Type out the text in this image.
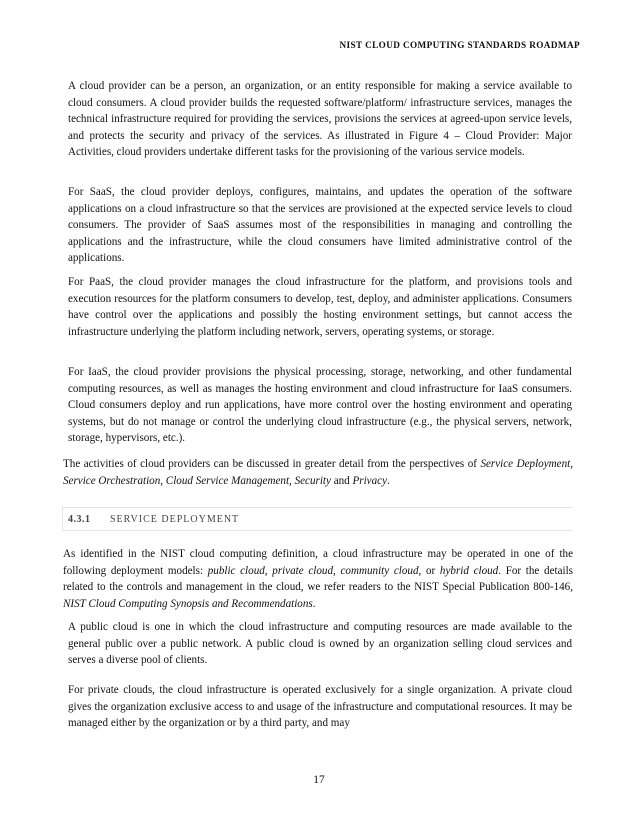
NIST CLOUD COMPUTING STANDARDS ROADMAP
A cloud provider can be a person, an organization, or an entity responsible for making a service available to cloud consumers. A cloud provider builds the requested software/platform/ infrastructure services, manages the technical infrastructure required for providing the services, provisions the services at agreed-upon service levels, and protects the security and privacy of the services. As illustrated in Figure 4 – Cloud Provider: Major Activities, cloud providers undertake different tasks for the provisioning of the various service models.
For SaaS, the cloud provider deploys, configures, maintains, and updates the operation of the software applications on a cloud infrastructure so that the services are provisioned at the expected service levels to cloud consumers. The provider of SaaS assumes most of the responsibilities in managing and controlling the applications and the infrastructure, while the cloud consumers have limited administrative control of the applications.
For PaaS, the cloud provider manages the cloud infrastructure for the platform, and provisions tools and execution resources for the platform consumers to develop, test, deploy, and administer applications. Consumers have control over the applications and possibly the hosting environment settings, but cannot access the infrastructure underlying the platform including network, servers, operating systems, or storage.
For IaaS, the cloud provider provisions the physical processing, storage, networking, and other fundamental computing resources, as well as manages the hosting environment and cloud infrastructure for IaaS consumers. Cloud consumers deploy and run applications, have more control over the hosting environment and operating systems, but do not manage or control the underlying cloud infrastructure (e.g., the physical servers, network, storage, hypervisors, etc.).
The activities of cloud providers can be discussed in greater detail from the perspectives of Service Deployment, Service Orchestration, Cloud Service Management, Security and Privacy.
4.3.1 SERVICE DEPLOYMENT
As identified in the NIST cloud computing definition, a cloud infrastructure may be operated in one of the following deployment models: public cloud, private cloud, community cloud, or hybrid cloud. For the details related to the controls and management in the cloud, we refer readers to the NIST Special Publication 800-146, NIST Cloud Computing Synopsis and Recommendations.
A public cloud is one in which the cloud infrastructure and computing resources are made available to the general public over a public network. A public cloud is owned by an organization selling cloud services and serves a diverse pool of clients.
For private clouds, the cloud infrastructure is operated exclusively for a single organization. A private cloud gives the organization exclusive access to and usage of the infrastructure and computational resources. It may be managed either by the organization or by a third party, and may
17
